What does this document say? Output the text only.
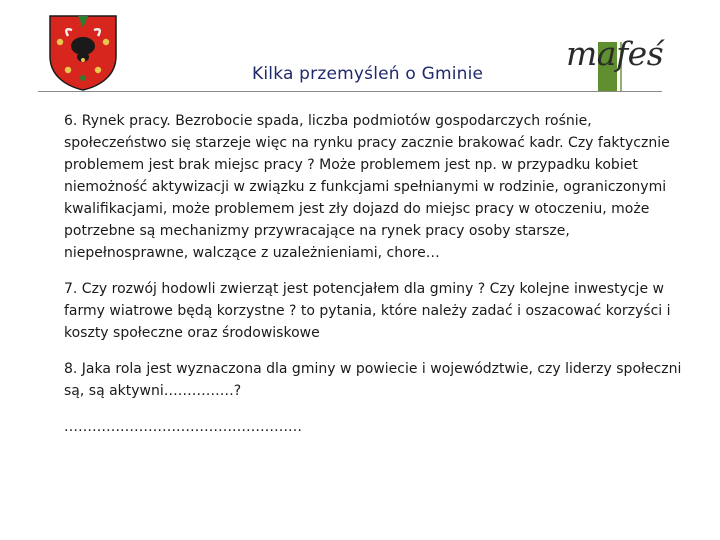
Kilka przemyśleń o Gminie
mafeś

6. Rynek pracy. Bezrobocie spada, liczba podmiotów gospodarczych rośnie, społeczeństwo się starzeje więc na rynku pracy zacznie brakować kadr. Czy faktycznie problemem jest brak miejsc pracy ? Może problemem jest np. w przypadku kobiet niemożność aktywizacji w związku z funkcjami spełnianymi w rodzinie, ograniczonymi kwalifikacjami, może problemem jest zły dojazd do miejsc pracy w otoczeniu, może potrzebne są mechanizmy przywracające na rynek pracy osoby starsze, niepełnosprawne, walczące z uzależnieniami, chore…

7. Czy rozwój hodowli zwierząt jest potencjałem dla gminy ? Czy kolejne inwestycje w farmy wiatrowe będą korzystne ? to pytania, które należy zadać i oszacować korzyści i koszty społeczne oraz środowiskowe

8. Jaka rola jest wyznaczona dla gminy w powiecie i województwie, czy liderzy społeczni są, są aktywni……………?

……………………………………………
